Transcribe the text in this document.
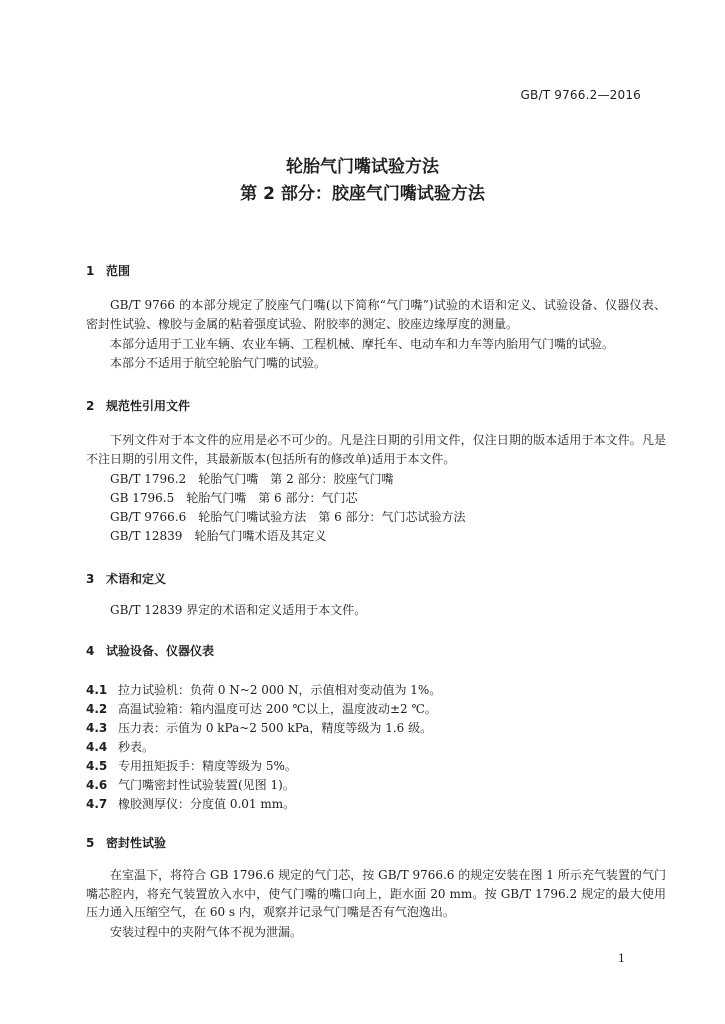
GB/T 9766.2—2016
轮胎气门嘴试验方法
第 2 部分：胶座气门嘴试验方法
1 范围
GB/T 9766 的本部分规定了胶座气门嘴(以下简称“气门嘴”)试验的术语和定义、试验设备、仪器仪表、密封性试验、橡胶与金属的粘着强度试验、附胶率的测定、胶座边缘厚度的测量。
本部分适用于工业车辆、农业车辆、工程机械、摩托车、电动车和力车等内胎用气门嘴的试验。
本部分不适用于航空轮胎气门嘴的试验。
2 规范性引用文件
下列文件对于本文件的应用是必不可少的。凡是注日期的引用文件，仅注日期的版本适用于本文件。凡是不注日期的引用文件，其最新版本(包括所有的修改单)适用于本文件。
GB/T 1796.2　轮胎气门嘴　第 2 部分：胶座气门嘴
GB 1796.5　轮胎气门嘴　第 6 部分：气门芯
GB/T 9766.6　轮胎气门嘴试验方法　第 6 部分：气门芯试验方法
GB/T 12839　轮胎气门嘴术语及其定义
3 术语和定义
GB/T 12839 界定的术语和定义适用于本文件。
4 试验设备、仪器仪表
4.1 拉力试验机：负荷 0 N~2 000 N，示值相对变动值为 1%。
4.2 高温试验箱：箱内温度可达 200 ℃以上，温度波动±2 ℃。
4.3 压力表：示值为 0 kPa~2 500 kPa，精度等级为 1.6 级。
4.4 秒表。
4.5 专用扭矩扳手：精度等级为 5%。
4.6 气门嘴密封性试验装置(见图 1)。
4.7 橡胶测厚仪：分度值 0.01 mm。
5 密封性试验
在室温下，将符合 GB 1796.6 规定的气门芯，按 GB/T 9766.6 的规定安装在图 1 所示充气装置的气门嘴芯腔内，将充气装置放入水中，使气门嘴的嘴口向上，距水面 20 mm。按 GB/T 1796.2 规定的最大使用压力通入压缩空气，在 60 s 内，观察并记录气门嘴是否有气泡逸出。
安装过程中的夹附气体不视为泄漏。
1
